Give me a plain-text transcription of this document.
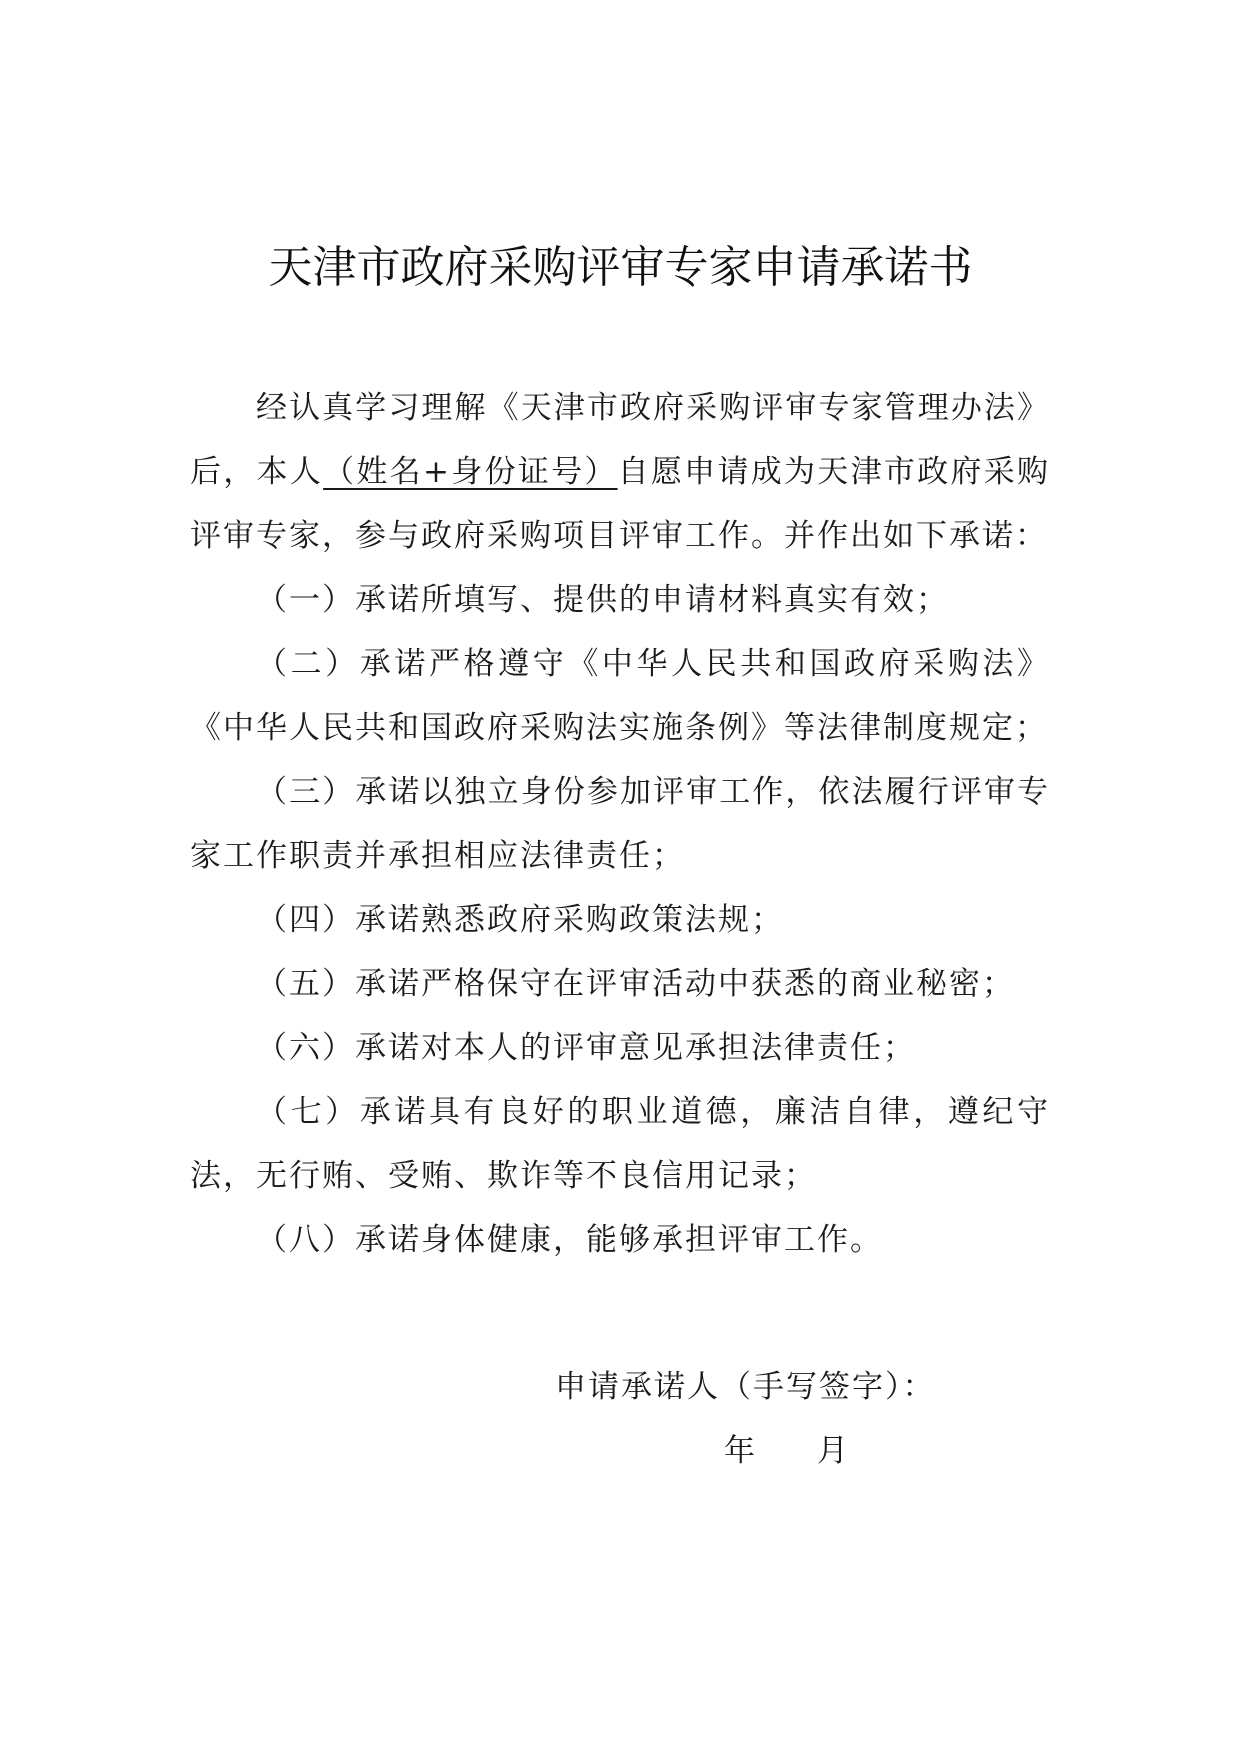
天津市政府采购评审专家申请承诺书

经认真学习理解《天津市政府采购评审专家管理办法》后，本人（姓名+身份证号）自愿申请成为天津市政府采购评审专家，参与政府采购项目评审工作。并作出如下承诺：

（一）承诺所填写、提供的申请材料真实有效；

（二）承诺严格遵守《中华人民共和国政府采购法》《中华人民共和国政府采购法实施条例》等法律制度规定；

（三）承诺以独立身份参加评审工作，依法履行评审专家工作职责并承担相应法律责任；

（四）承诺熟悉政府采购政策法规；

（五）承诺严格保守在评审活动中获悉的商业秘密；

（六）承诺对本人的评审意见承担法律责任；

（七）承诺具有良好的职业道德，廉洁自律，遵纪守法，无行贿、受贿、欺诈等不良信用记录；

（八）承诺身体健康，能够承担评审工作。

申请承诺人（手写签字）：
年 月
